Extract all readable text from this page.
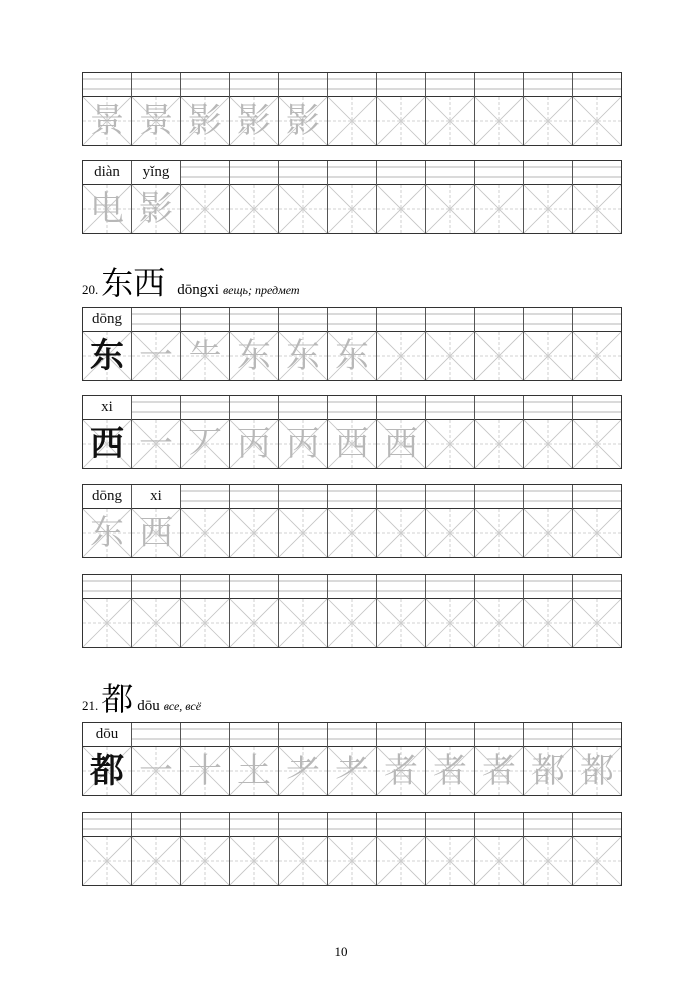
景 景 影 影 影
diàn
电
yǐng
影
20. 东西 dōngxi вещь; предмет
dōng
东 一 ⺧ 东 东 东
xi
西 一 丆 丙 丙 西 西
dōng
东
xi
西
21. 都 dōu все, всё
dōu
都 一 十 土 耂 耂 者 者 者 都 都
10
